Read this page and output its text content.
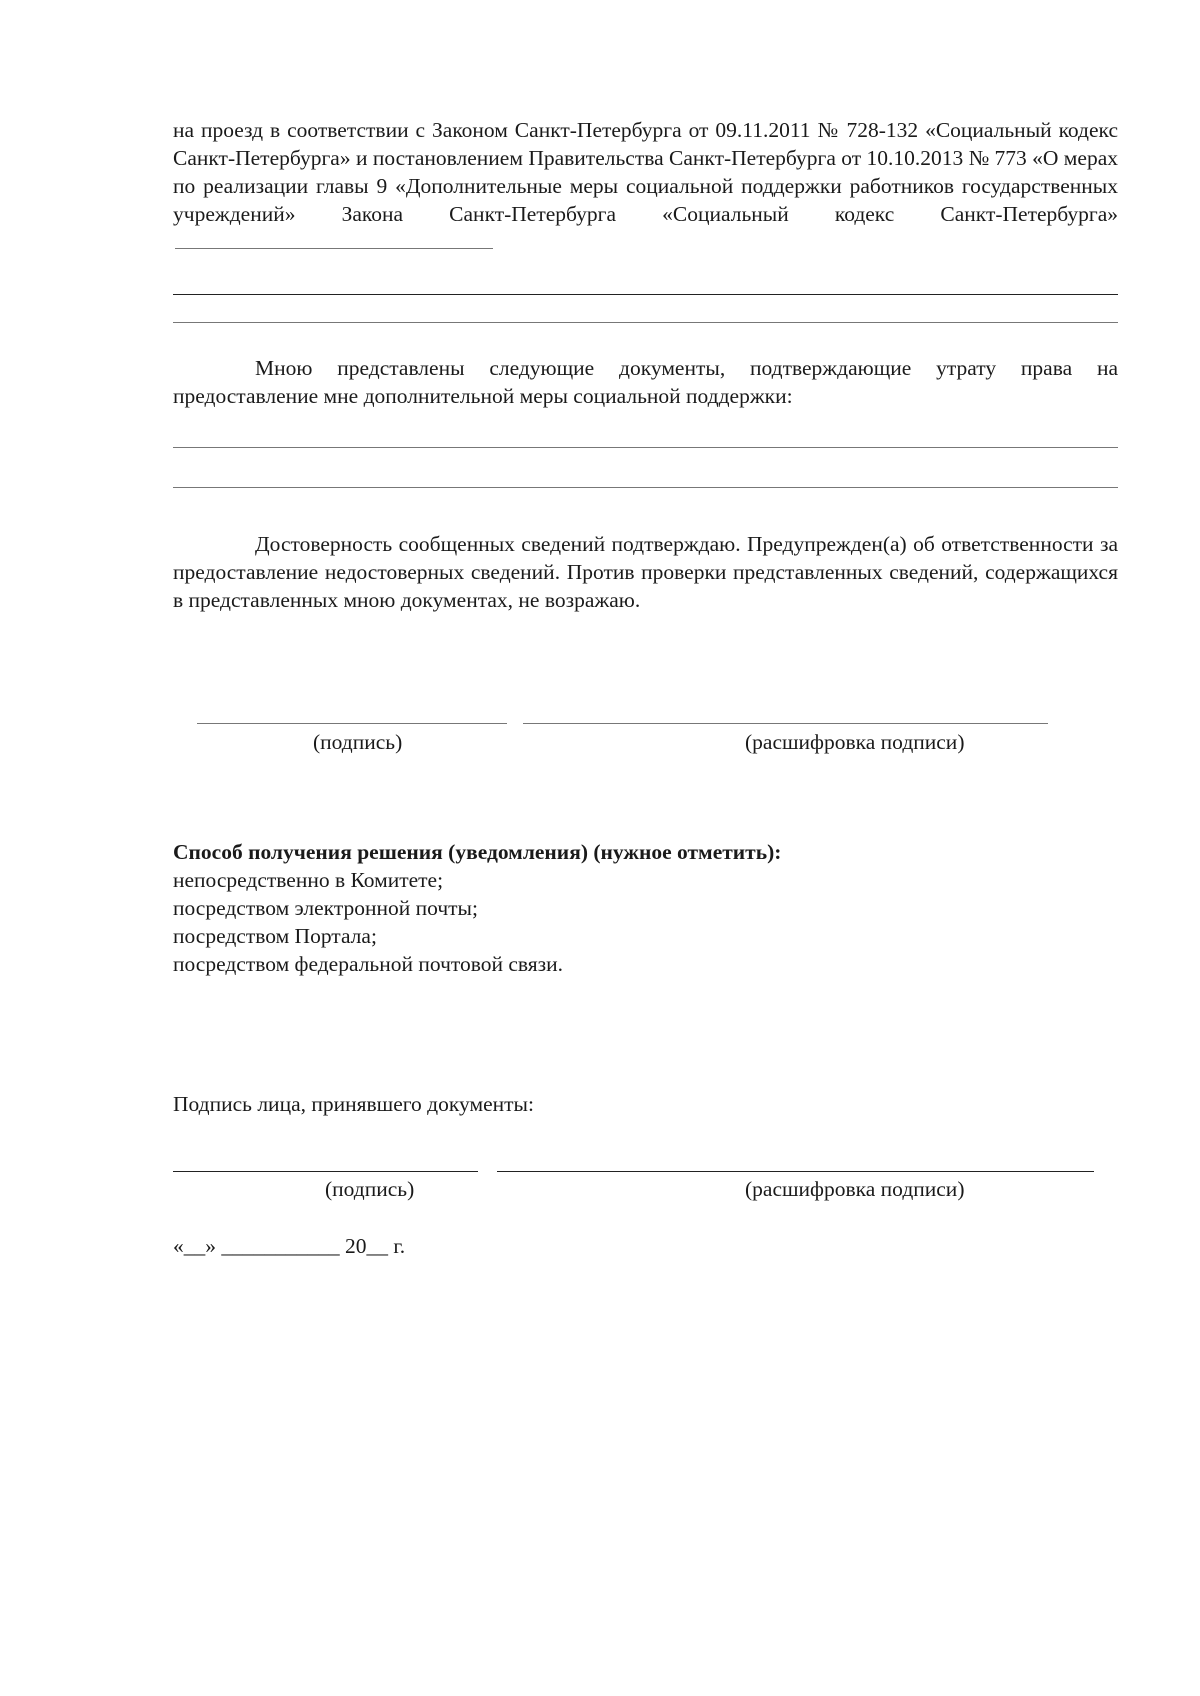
на проезд в соответствии с Законом Санкт-Петербурга от 09.11.2011 № 728-132 «Социальный кодекс Санкт-Петербурга» и постановлением Правительства Санкт-Петербурга от 10.10.2013 № 773 «О мерах по реализации главы 9 «Дополнительные меры социальной поддержки работников государственных учреждений» Закона Санкт-Петербурга «Социальный кодекс Санкт-Петербурга»
Мною представлены следующие документы, подтверждающие утрату права на предоставление мне дополнительной меры социальной поддержки:
Достоверность сообщенных сведений подтверждаю. Предупрежден(а) об ответственности за предоставление недостоверных сведений. Против проверки представленных сведений, содержащихся в представленных мною документах, не возражаю.
(подпись)	(расшифровка подписи)
Способ получения решения (уведомления) (нужное отметить):
непосредственно в Комитете;
посредством электронной почты;
посредством Портала;
посредством федеральной почтовой связи.
Подпись лица, принявшего документы:
(подпись)	(расшифровка подписи)
«__» ___________ 20__ г.
